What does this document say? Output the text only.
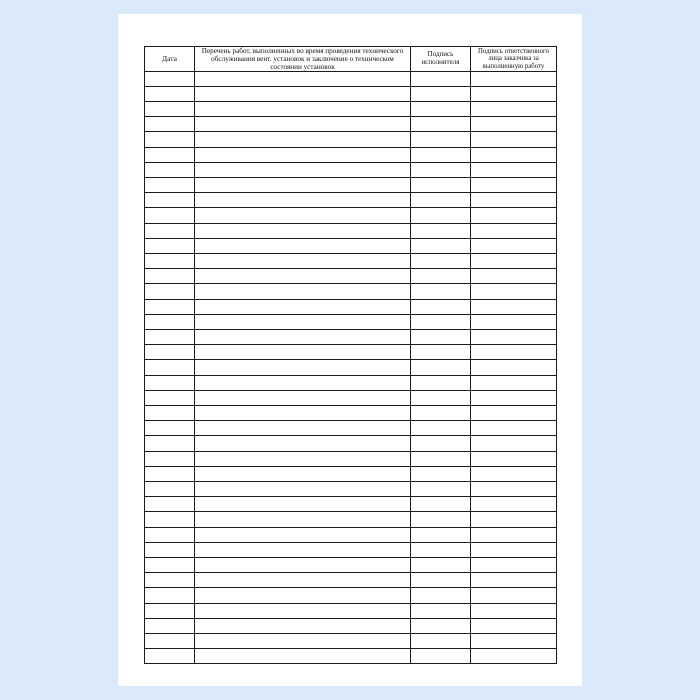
Дата	Перечень работ, выполненных во время проведения технического обслуживания вент. установок и заключение о техническом состоянии установок	Подпись исполнителя	Подпись ответственного лица заказчика за выполненную работу
